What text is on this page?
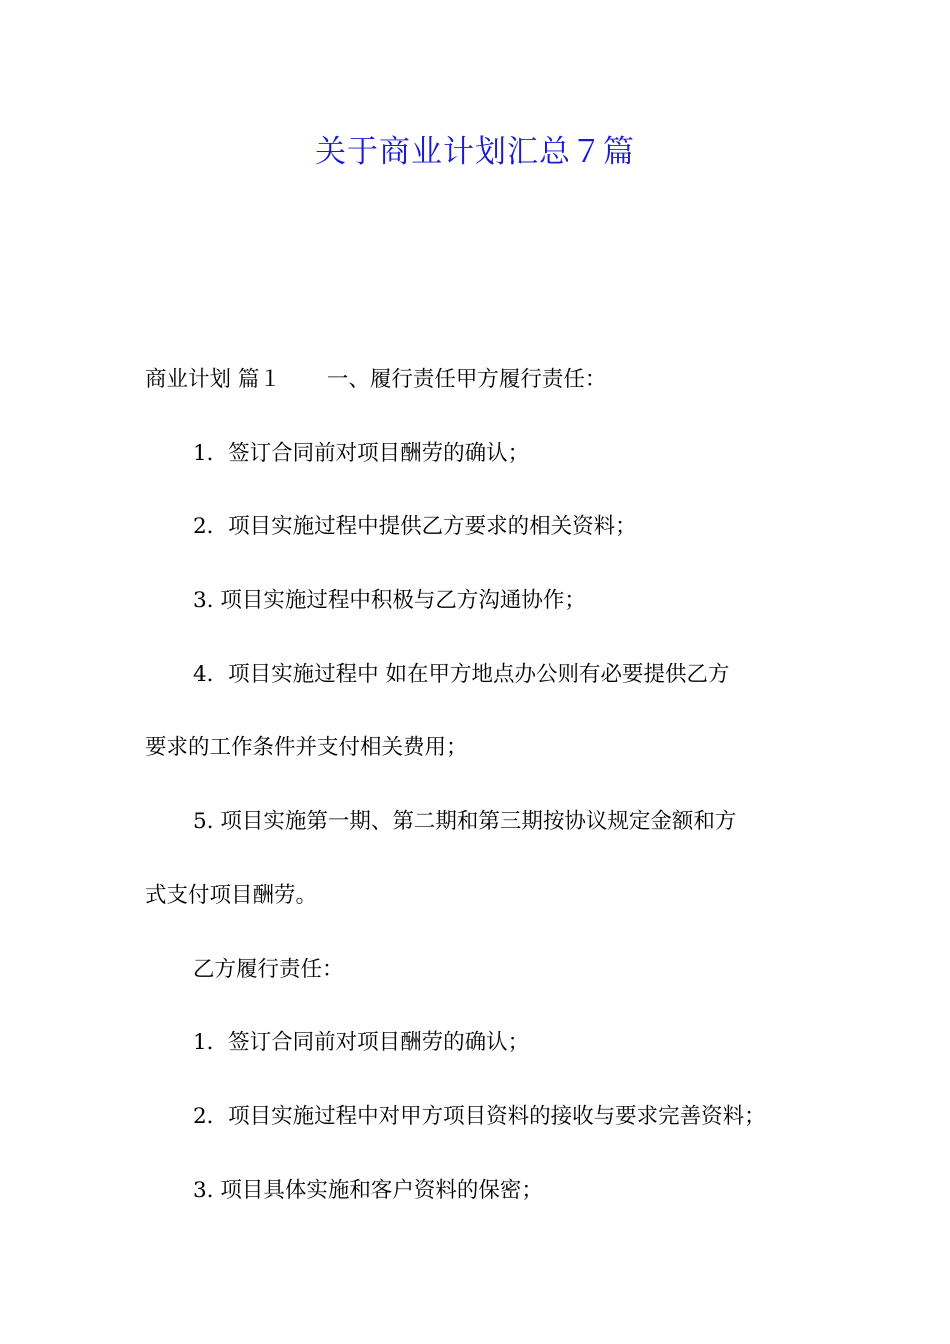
关于商业计划汇总７篇
商业计划 篇１ 一、履行责任甲方履行责任：
1．签订合同前对项目酬劳的确认；
2．项目实施过程中提供乙方要求的相关资料；
3. 项目实施过程中积极与乙方沟通协作；
4．项目实施过程中 如在甲方地点办公则有必要提供乙方
要求的工作条件并支付相关费用；
5. 项目实施第一期、第二期和第三期按协议规定金额和方
式支付项目酬劳。
乙方履行责任：
1．签订合同前对项目酬劳的确认；
2．项目实施过程中对甲方项目资料的接收与要求完善资料；
3. 项目具体实施和客户资料的保密；
